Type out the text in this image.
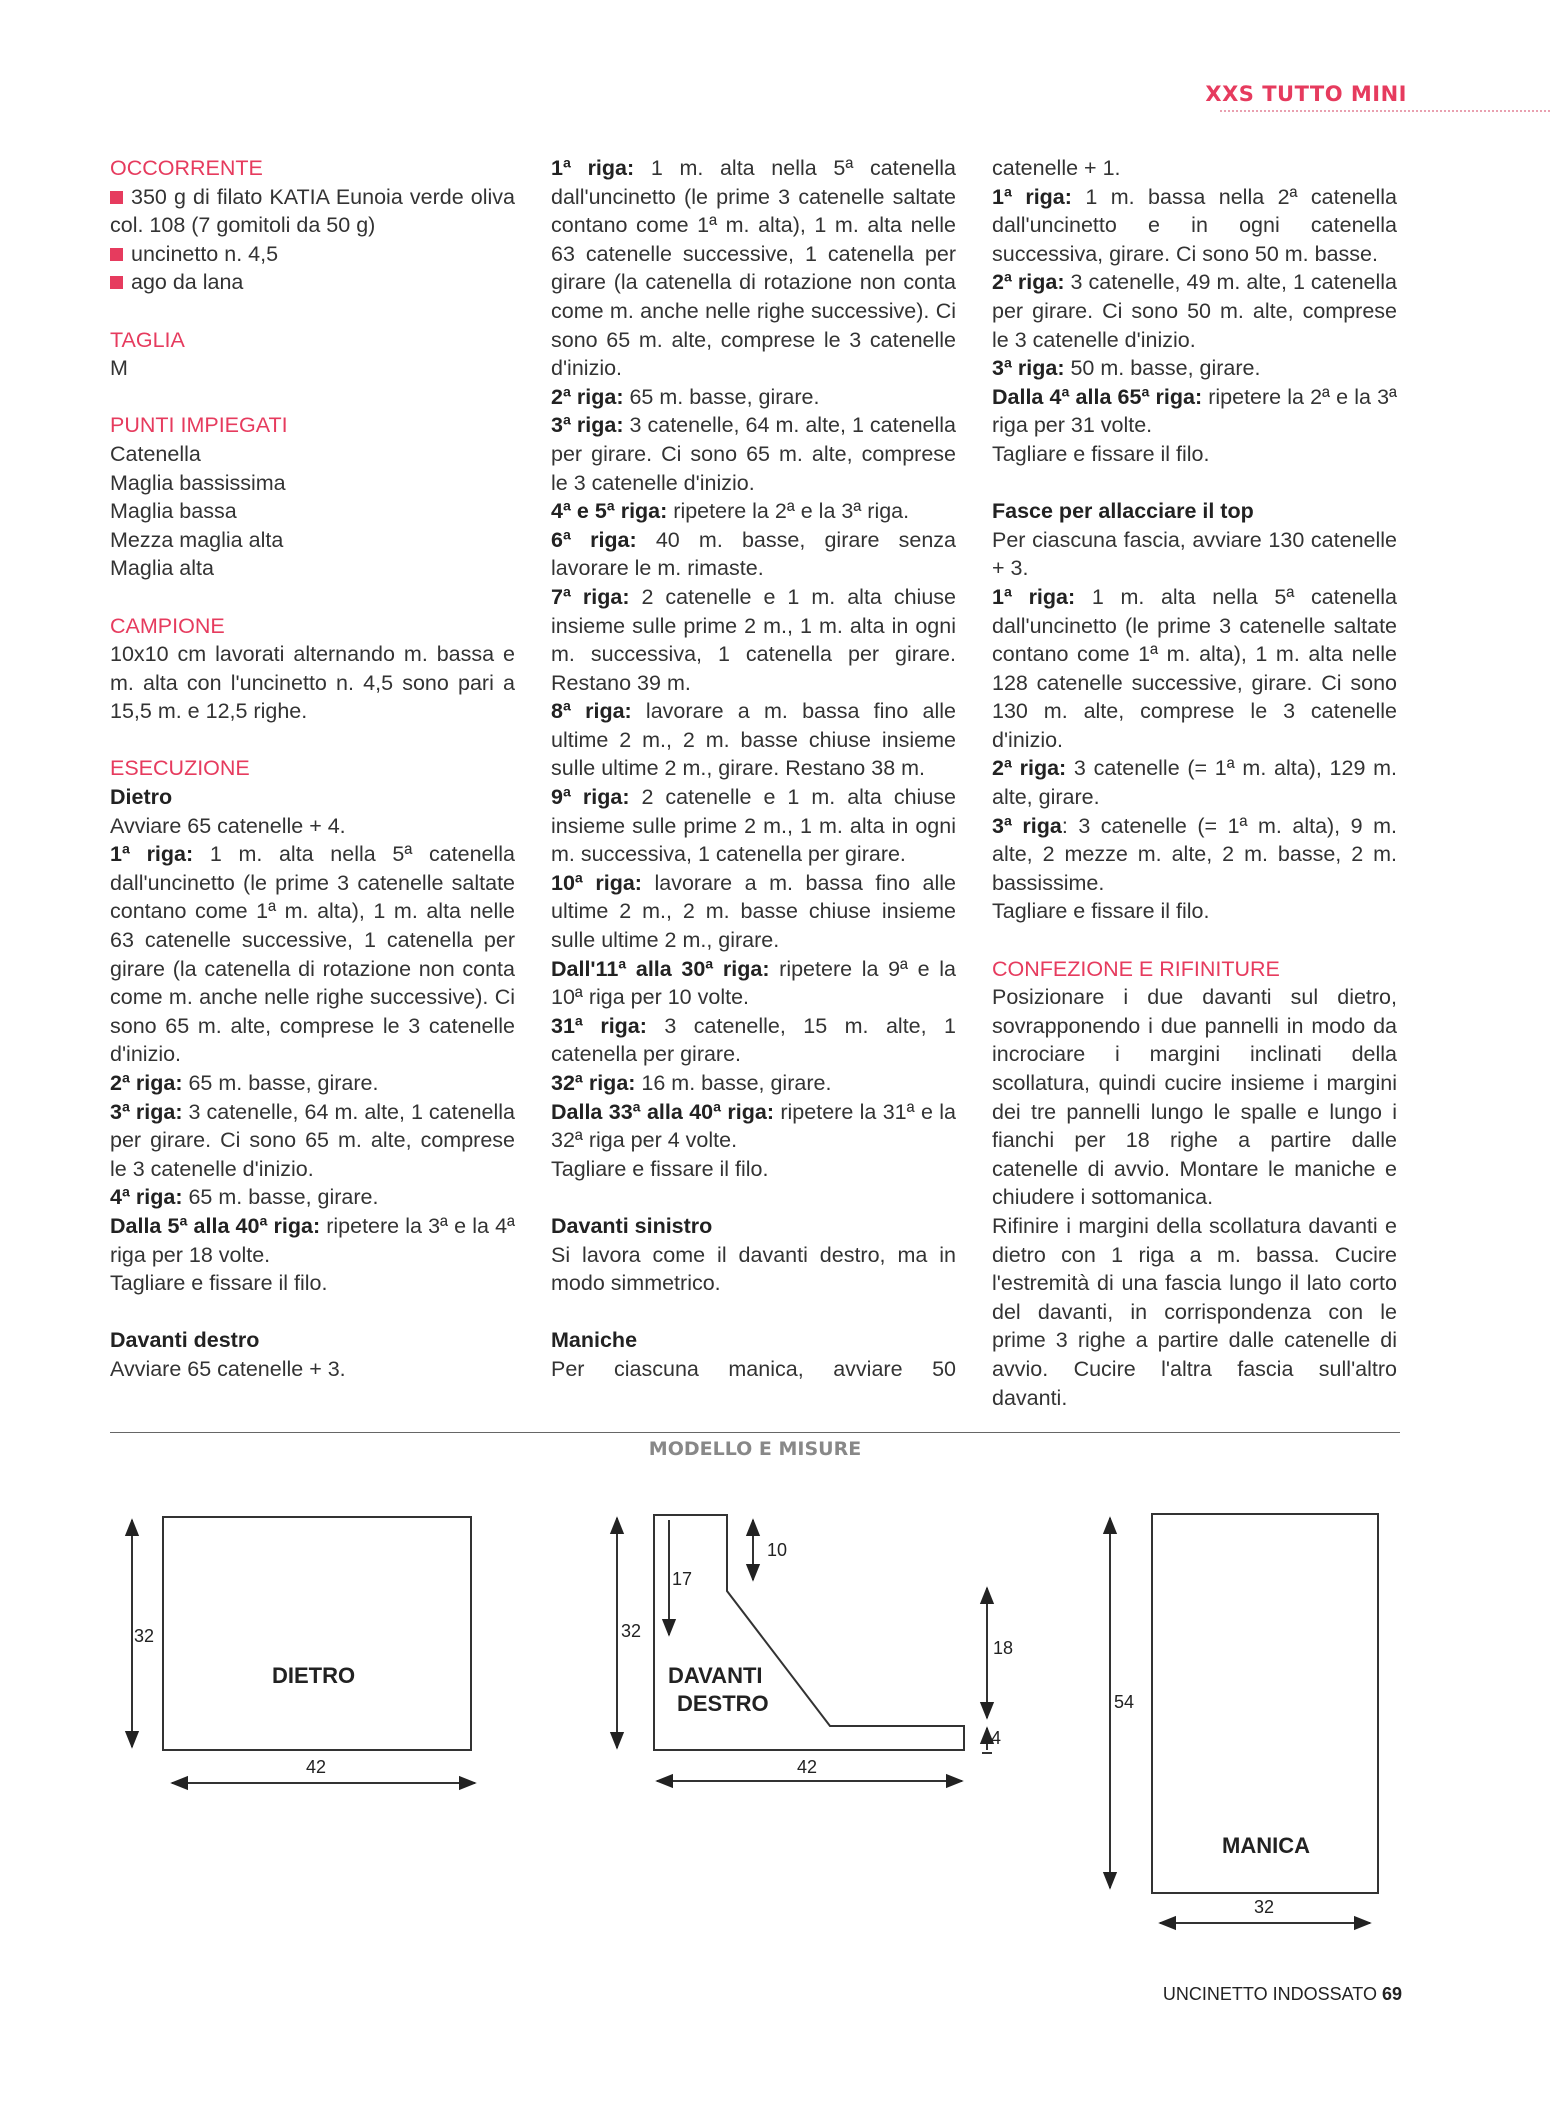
XXS TUTTO MINI

OCCORRENTE

350 g di filato KATIA Eunoia verde oliva col. 108 (7 gomitoli da 50 g)

uncinetto n. 4,5

ago da lana

TAGLIA

M

PUNTI IMPIEGATI

Catenella

Maglia bassissima

Maglia bassa

Mezza maglia alta

Maglia alta

CAMPIONE

10x10 cm lavorati alternando m. bassa e m. alta con l'uncinetto n. 4,5 sono pari a 15,5 m. e 12,5 righe.

ESECUZIONE

Dietro

Avviare 65 catenelle + 4.

1ª riga: 1 m. alta nella 5ª catenella dall'uncinetto (le prime 3 catenelle saltate contano come 1ª m. alta), 1 m. alta nelle 63 catenelle successive, 1 catenella per girare (la catenella di rotazione non conta come m. anche nelle righe successive). Ci sono 65 m. alte, comprese le 3 catenelle d'inizio.

2ª riga: 65 m. basse, girare.

3ª riga: 3 catenelle, 64 m. alte, 1 catenella per girare. Ci sono 65 m. alte, comprese le 3 catenelle d'inizio.

4ª riga: 65 m. basse, girare.

Dalla 5ª alla 40ª riga: ripetere la 3ª e la 4ª riga per 18 volte.

Tagliare e fissare il filo.

Davanti destro

Avviare 65 catenelle + 3.

1ª riga: 1 m. alta nella 5ª catenella dall'uncinetto (le prime 3 catenelle saltate contano come 1ª m. alta), 1 m. alta nelle 63 catenelle successive, 1 catenella per girare (la catenella di rotazione non conta come m. anche nelle righe successive). Ci sono 65 m. alte, comprese le 3 catenelle d'inizio.

2ª riga: 65 m. basse, girare.

3ª riga: 3 catenelle, 64 m. alte, 1 catenella per girare. Ci sono 65 m. alte, comprese le 3 catenelle d'inizio.

4ª e 5ª riga: ripetere la 2ª e la 3ª riga.

6ª riga: 40 m. basse, girare senza lavorare le m. rimaste.

7ª riga: 2 catenelle e 1 m. alta chiuse insieme sulle prime 2 m., 1 m. alta in ogni m. successiva, 1 catenella per girare. Restano 39 m.

8ª riga: lavorare a m. bassa fino alle ultime 2 m., 2 m. basse chiuse insieme sulle ultime 2 m., girare. Restano 38 m.

9ª riga: 2 catenelle e 1 m. alta chiuse insieme sulle prime 2 m., 1 m. alta in ogni m. successiva, 1 catenella per girare.

10ª riga: lavorare a m. bassa fino alle ultime 2 m., 2 m. basse chiuse insieme sulle ultime 2 m., girare.

Dall'11ª alla 30ª riga: ripetere la 9ª e la 10ª riga per 10 volte.

31ª riga: 3 catenelle, 15 m. alte, 1 catenella per girare.

32ª riga: 16 m. basse, girare.

Dalla 33ª alla 40ª riga: ripetere la 31ª e la 32ª riga per 4 volte.

Tagliare e fissare il filo.

Davanti sinistro

Si lavora come il davanti destro, ma in modo simmetrico.

Maniche

Per ciascuna manica, avviare 50

catenelle + 1.

1ª riga: 1 m. bassa nella 2ª catenella dall'uncinetto e in ogni catenella successiva, girare. Ci sono 50 m. basse.

2ª riga: 3 catenelle, 49 m. alte, 1 catenella per girare. Ci sono 50 m. alte, comprese le 3 catenelle d'inizio.

3ª riga: 50 m. basse, girare.

Dalla 4ª alla 65ª riga: ripetere la 2ª e la 3ª riga per 31 volte.

Tagliare e fissare il filo.

Fasce per allacciare il top

Per ciascuna fascia, avviare 130 catenelle + 3.

1ª riga: 1 m. alta nella 5ª catenella dall'uncinetto (le prime 3 catenelle saltate contano come 1ª m. alta), 1 m. alta nelle 128 catenelle successive, girare. Ci sono 130 m. alte, comprese le 3 catenelle d'inizio.

2ª riga: 3 catenelle (= 1ª m. alta), 129 m. alte, girare.

3ª riga: 3 catenelle (= 1ª m. alta), 9 m. alte, 2 mezze m. alte, 2 m. basse, 2 m. bassissime.

Tagliare e fissare il filo.

CONFEZIONE E RIFINITURE

Posizionare i due davanti sul dietro, sovrapponendo i due pannelli in modo da incrociare i margini inclinati della scollatura, quindi cucire insieme i margini dei tre pannelli lungo le spalle e lungo i fianchi per 18 righe a partire dalle catenelle di avvio. Montare le maniche e chiudere i sottomanica.

Rifinire i margini della scollatura davanti e dietro con 1 riga a m. bassa. Cucire l'estremità di una fascia lungo il lato corto del davanti, in corrispondenza con le prime 3 righe a partire dalle catenelle di avvio. Cucire l'altra fascia sull'altro davanti.

MODELLO E MISURE
32
42
DIETRO
32
42
17
10
18
4
DAVANTI
DESTRO	54
32
MANICA
UNCINETTO INDOSSATO 69
